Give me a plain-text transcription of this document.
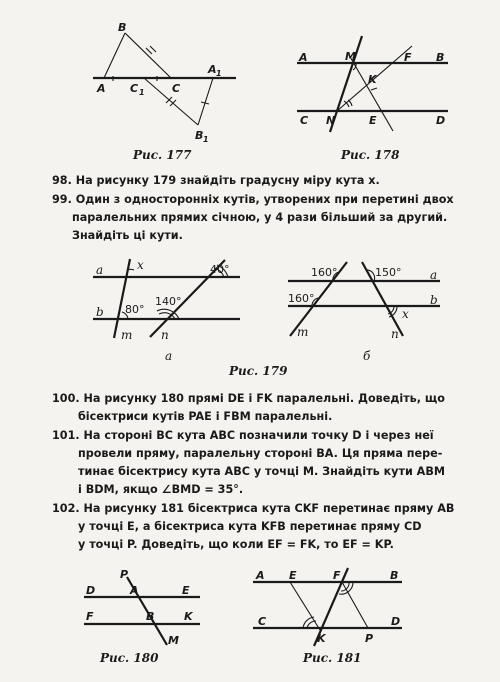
B
A C 1 C
A 1
B 1
Рис. 177
A	M	F B
K
C N	E	D
Рис. 178
98. На рисунку 179 знайдіть градусну міру кута x.
99. Один з односторонніх кутів, утворених при перетині двох
паралельних прямих січною, у 4 рази більший за другий.
Знайдіть ці кути.
a
b
m n
x	40°
80°
140°
а
160°	150°
160°
x
a
b
m	n
б
Рис. 179
100. На рисунку 180 прямі DE і FK паралельні. Доведіть, що
бісектриси кутів PAE і FBM паралельні.
101. На стороні BC кута ABC позначили точку D і через неї
провели пряму, паралельну стороні BA. Ця пряма пере-
тинає бісектрису кута ABC у точці M. Знайдіть кути ABM
і BDM, якщо ∠BMD = 35°.
102. На рисунку 181 бісектриса кута CKF перетинає пряму AB
у точці E, а бісектриса кута KFB перетинає пряму CD
у точці P. Доведіть, що коли EF = FK, то EF = KP.
P
D	A	E
F	B	K
M
Рис. 180
A E	F	B
C
K	P
D
Рис. 181
